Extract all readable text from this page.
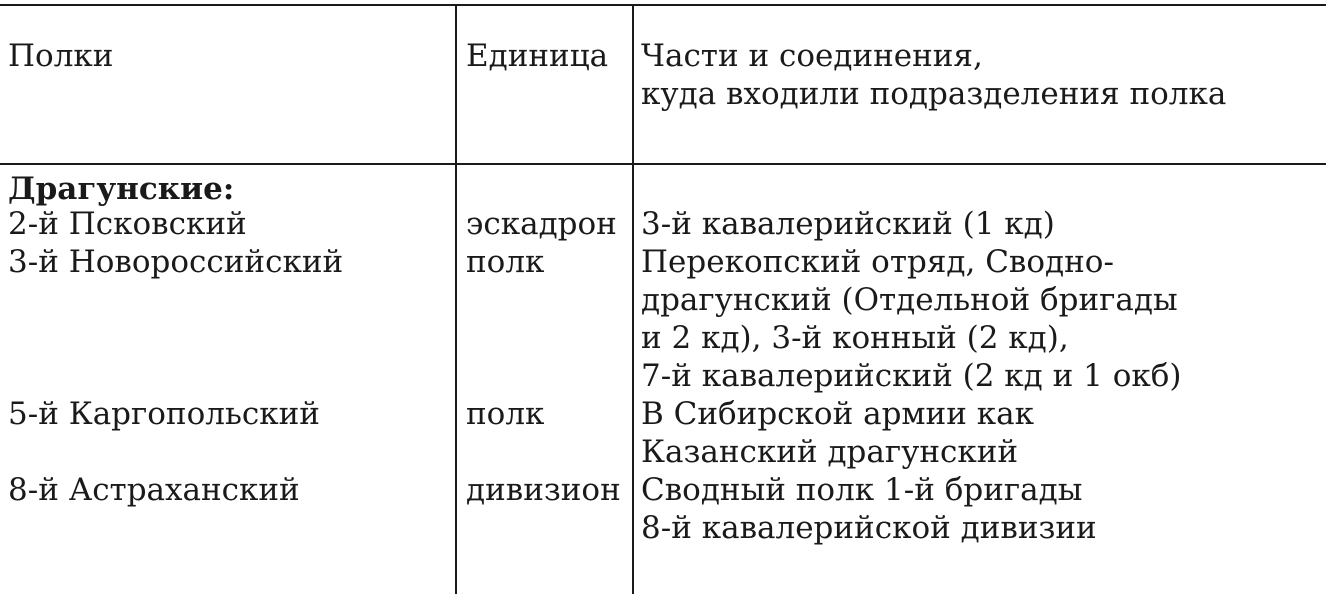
Полки	Единица Части и соединения,
куда входили подразделения полка
Драгунские:
2-й Псковский
3-й Новороссийский
5-й Каргопольский
8-й Астраханский
эскадрон
полк
полк
дивизион
3-й кавалерийский (1 кд)
Перекопский отряд, Сводно-
драгунский (Отдельной бригады
и 2 кд), 3-й конный (2 кд),
7-й кавалерийский (2 кд и 1 окб)
В Сибирской армии как
Казанский драгунский
Сводный полк 1-й бригады
8-й кавалерийской дивизии
